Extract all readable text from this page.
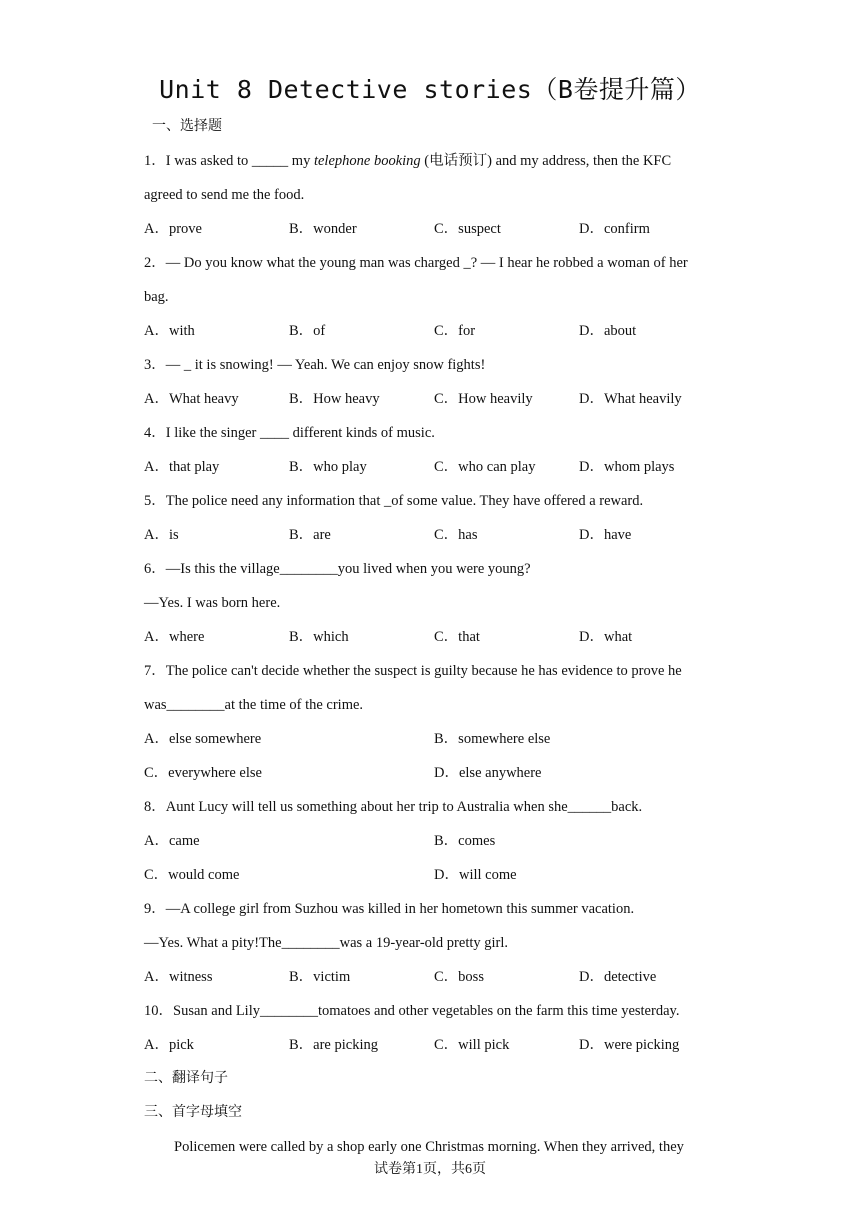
Unit 8 Detective stories（B卷提升篇）
一、选择题
1．I was asked to _____ my telephone booking (电话预订) and my address, then the KFC
agreed to send me the food.
A．prove	B．wonder	C．suspect	D．confirm
2．— Do you know what the young man was charged _? — I hear he robbed a woman of her
bag.
A．with	B．of	C．for	D．about
3．— _ it is snowing! — Yeah. We can enjoy snow fights!
A．What heavy	B．How heavy	C．How heavily	D．What heavily
4．I like the singer ____ different kinds of music.
A．that play	B．who play	C．who can play	D．whom plays
5．The police need any information that _of some value. They have offered a reward.
A．is	B．are	C．has	D．have
6．—Is this the village________you lived when you were young?
—Yes. I was born here.
A．where	B．which	C．that	D．what
7．The police can't decide whether the suspect is guilty because he has evidence to prove he
was________at the time of the crime.
A．else somewhere	B．somewhere else
C．everywhere else	D．else anywhere
8．Aunt Lucy will tell us something about her trip to Australia when she______back.
A．came	B．comes
C．would come	D．will come
9．—A college girl from Suzhou was killed in her hometown this summer vacation.
—Yes. What a pity!The________was a 19-year-old pretty girl.
A．witness	B．victim	C．boss	D．detective
10．Susan and Lily________tomatoes and other vegetables on the farm this time yesterday.
A．pick	B．are picking	C．will pick	D．were picking
二、翻译句子
三、首字母填空
Policemen were called by a shop early one Christmas morning. When they arrived, they
试卷第1页，共6页
